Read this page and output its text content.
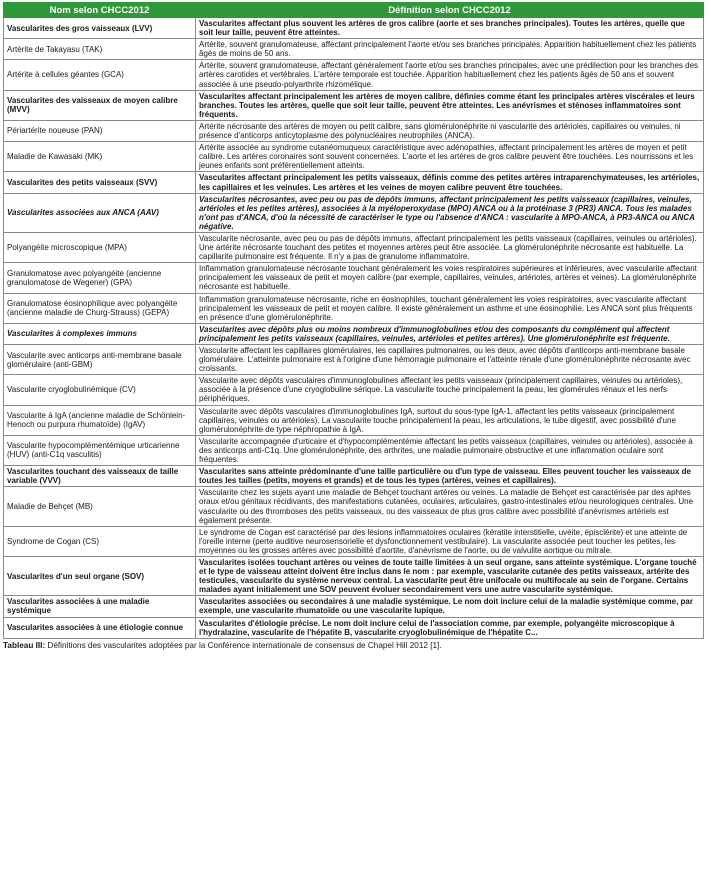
Nom selon CHCC2012	Définition selon CHCC2012
Vascularites des gros vaisseaux (LVV)	Vascularites affectant plus souvent les artères de gros calibre (aorte et ses branches principales). Toutes les artères, quelle que soit leur taille, peuvent être atteintes.
Artérite de Takayasu (TAK)	Artérite, souvent granulomateuse, affectant principalement l'aorte et/ou ses branches principales. Apparition habituellement chez les patients âgés de moins de 50 ans.
Artérite à cellules géantes (GCA)	Artérite, souvent granulomateuse, affectant généralement l'aorte et/ou ses branches principales, avec une prédilection pour les branches des artères carotides et vertébrales. L'artère temporale est touchée. Apparition habituellement chez les patients âgés de 50 ans et souvent associée à une pseudo-polyarthrite rhizomélique.
Vascularites des vaisseaux de moyen calibre (MVV)	Vascularites affectant principalement les artères de moyen calibre, définies comme étant les principales artères viscérales et leurs branches. Toutes les artères, quelle que soit leur taille, peuvent être atteintes. Les anévrismes et sténoses inflammatoires sont fréquents.
Périartérite noueuse (PAN)	Artérite nécrosante des artères de moyen ou petit calibre, sans glomérulonéphrite ni vascularite des artérioles, capillaires ou veinules, ni présence d'anticorps anticytoplasme des polynucléaires neutrophiles (ANCA).
Maladie de Kawasaki (MK)	Artérite associée au syndrome cutanéomuqueux caractéristique avec adénopathies, affectant principalement les artères de moyen et petit calibre. Les artères coronaires sont souvent concernées. L'aorte et les artères de gros calibre peuvent être touchées. Les nourrissons et les jeunes enfants sont préférentiellement atteints.
Vascularites des petits vaisseaux (SVV)	Vascularites affectant principalement les petits vaisseaux, définis comme des petites artères intraparenchymateuses, les artérioles, les capillaires et les veinules. Les artères et les veines de moyen calibre peuvent être touchées.
Vascularites associées aux ANCA (AAV)	Vascularites nécrosantes, avec peu ou pas de dépôts immuns, affectant principalement les petits vaisseaux (capillaires, veinules, artérioles et les petites artères), associées à la myéloperoxydase (MPO) ANCA ou à la protéinase 3 (PR3) ANCA. Tous les malades n'ont pas d'ANCA, d'où la nécessité de caractériser le type ou l'absence d'ANCA : vascularite à MPO-ANCA, à PR3-ANCA ou ANCA négative.
Polyangéite microscopique (MPA)	Vascularite nécrosante, avec peu ou pas de dépôts immuns, affectant principalement les petits vaisseaux (capillaires, veinules ou artérioles). Une artérite nécrosante touchant des petites et moyennes artères peut être associée. La glomérulonéphrite nécrosante est habituelle. La capillarite pulmonaire est fréquente. Il n'y a pas de granulome inflammatoire.
Granulomatose avec polyangéite (ancienne granulomatose de Wegener) (GPA)	Inflammation granulomateuse nécrosante touchant généralement les voies respiratoires supérieures et inférieures, avec vascularite affectant principalement les vaisseaux de petit et moyen calibre (par exemple, capillaires, veinules, artérioles, artères et veines). La glomérulonéphrite nécrosante est habituelle.
Granulomatose éosinophilique avec polyangéite (ancienne maladie de Churg-Strauss) (GEPA)	Inflammation granulomateuse nécrosante, riche en éosinophiles, touchant généralement les voies respiratoires, avec vascularite affectant principalement les vaisseaux de petit et moyen calibre. Il existe généralement un asthme et une éosinophilie. Les ANCA sont plus fréquents en présence d'une glomérulonéphrite.
Vascularites à complexes immuns	Vascularites avec dépôts plus ou moins nombreux d'immunoglobulines et/ou des composants du complément qui affectent principalement les petits vaisseaux (capillaires, veinules, artérioles et petites artères). Une glomérulonéphrite est fréquente.
Vascularite avec anticorps anti-membrane basale glomérulaire (anti-GBM)	Vascularite affectant les capillaires glomérulaires, les capillaires pulmonaires, ou les deux, avec dépôts d'anticorps anti-membrane basale glomérulaire. L'atteinte pulmonaire est à l'origine d'une hémorragie pulmonaire et l'atteinte rénale d'une glomérulonéphrite nécrosante avec croissants.
Vascularite cryoglobulinémique (CV)	Vascularite avec dépôts vasculaires d'immunoglobulines affectant les petits vaisseaux (principalement capillaires, veinules ou artérioles), associée à la présence d'une cryoglobuline sérique. La vascularite touche principalement la peau, les glomérules rénaux et les nerfs périphériques.
Vascularite à IgA (ancienne maladie de Schönlein-Henoch ou purpura rhumatoïde) (IgAV)	Vascularite avec dépôts vasculaires d'immunoglobulines IgA, surtout du sous-type IgA-1, affectant les petits vaisseaux (principalement capillaires, veinules ou artérioles). La vascularite touche principalement la peau, les articulations, le tube digestif, avec possibilité d'une glomérulonéphrite de type néphropathie à IgA.
Vascularite hypocomplémentémique urticarienne (HUV) (anti-C1q vasculitis)	Vascularite accompagnée d'urticaire et d'hypocomplémentémie affectant les petits vaisseaux (capillaires, veinules ou artérioles), associée à des anticorps anti-C1q. Une glomérulonéphrite, des arthrites, une maladie pulmonaire obstructive et une inflammation oculaire sont fréquentes.
Vascularites touchant des vaisseaux de taille variable (VVV)	Vascularites sans atteinte prédominante d'une taille particulière ou d'un type de vaisseau. Elles peuvent toucher les vaisseaux de toutes les tailles (petits, moyens et grands) et de tous les types (artères, veines et capillaires).
Maladie de Behçet (MB)	Vascularite chez les sujets ayant une maladie de Behçet touchant artères ou veines. La maladie de Behçet est caractérisée par des aphtes oraux et/ou génitaux récidivants, des manifestations cutanées, oculaires, articulaires, gastro-intestinales et/ou neurologiques centrales. Une vascularite ou des thromboses des petits vaisseaux, ou des vaisseaux de plus gros calibre avec possibilité d'anévrismes artériels est également présente.
Syndrome de Cogan (CS)	Le syndrome de Cogan est caractérisé par des lésions inflammatoires oculaires (kératite interstitielle, uvéite, épisclérite) et une atteinte de l'oreille interne (perte auditive neurosensorielle et dysfonctionnement vestibulaire). La vascularite associée peut toucher les petites, les moyennes ou les grosses artères avec possibilité d'aortite, d'anévrisme de l'aorte, ou de valvulite aortique ou mitrale.
Vascularites d'un seul organe (SOV)	Vascularites isolées touchant artères ou veines de toute taille limitées à un seul organe, sans atteinte systémique. L'organe touché et le type de vaisseau atteint doivent être inclus dans le nom : par exemple, vascularite cutanée des petits vaisseaux, artérite des testicules, vascularite du système nerveux central. La vascularite peut être unifocale ou multifocale au sein de l'organe. Certains malades ayant initialement une SOV peuvent évoluer secondairement vers une autre vascularite systémique.
Vascularites associées à une maladie systémique	Vascularites associées ou secondaires à une maladie systémique. Le nom doit inclure celui de la maladie systémique comme, par exemple, une vascularite rhumatoïde ou une vascularite lupique.
Vascularites associées à une étiologie connue	Vascularites d'étiologie précise. Le nom doit inclure celui de l'association comme, par exemple, polyangéite microscopique à l'hydralazine, vascularite de l'hépatite B, vascularite cryoglobulinémique de l'hépatite C...
Tableau III: Définitions des vascularites adoptées par la Conférence internationale de consensus de Chapel Hill 2012 [1].
